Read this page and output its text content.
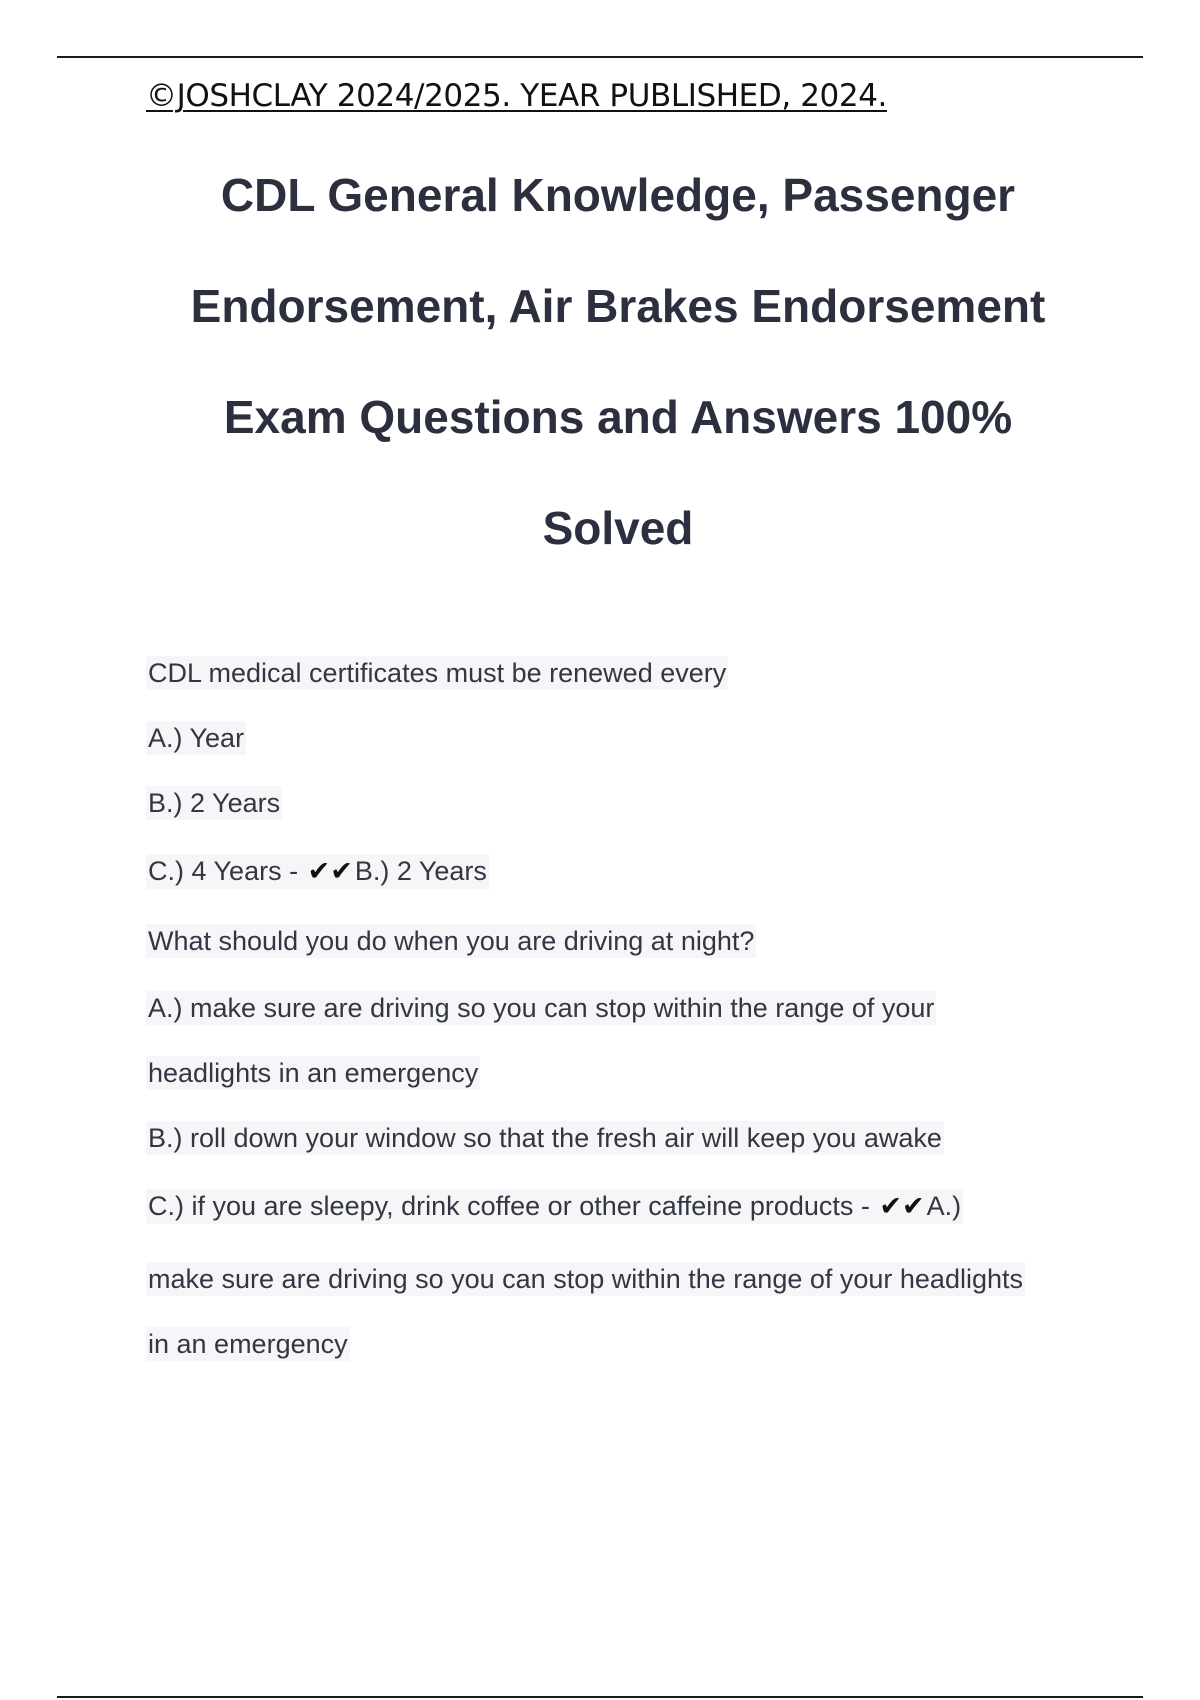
©JOSHCLAY 2024/2025. YEAR PUBLISHED, 2024.
CDL General Knowledge, Passenger
Endorsement, Air Brakes Endorsement
Exam Questions and Answers 100%
Solved
CDL medical certificates must be renewed every
A.) Year
B.) 2 Years
C.) 4 Years - ✔✔B.) 2 Years
What should you do when you are driving at night?
A.) make sure are driving so you can stop within the range of your
headlights in an emergency
B.) roll down your window so that the fresh air will keep you awake
C.) if you are sleepy, drink coffee or other caffeine products - ✔✔A.)
make sure are driving so you can stop within the range of your headlights
in an emergency
